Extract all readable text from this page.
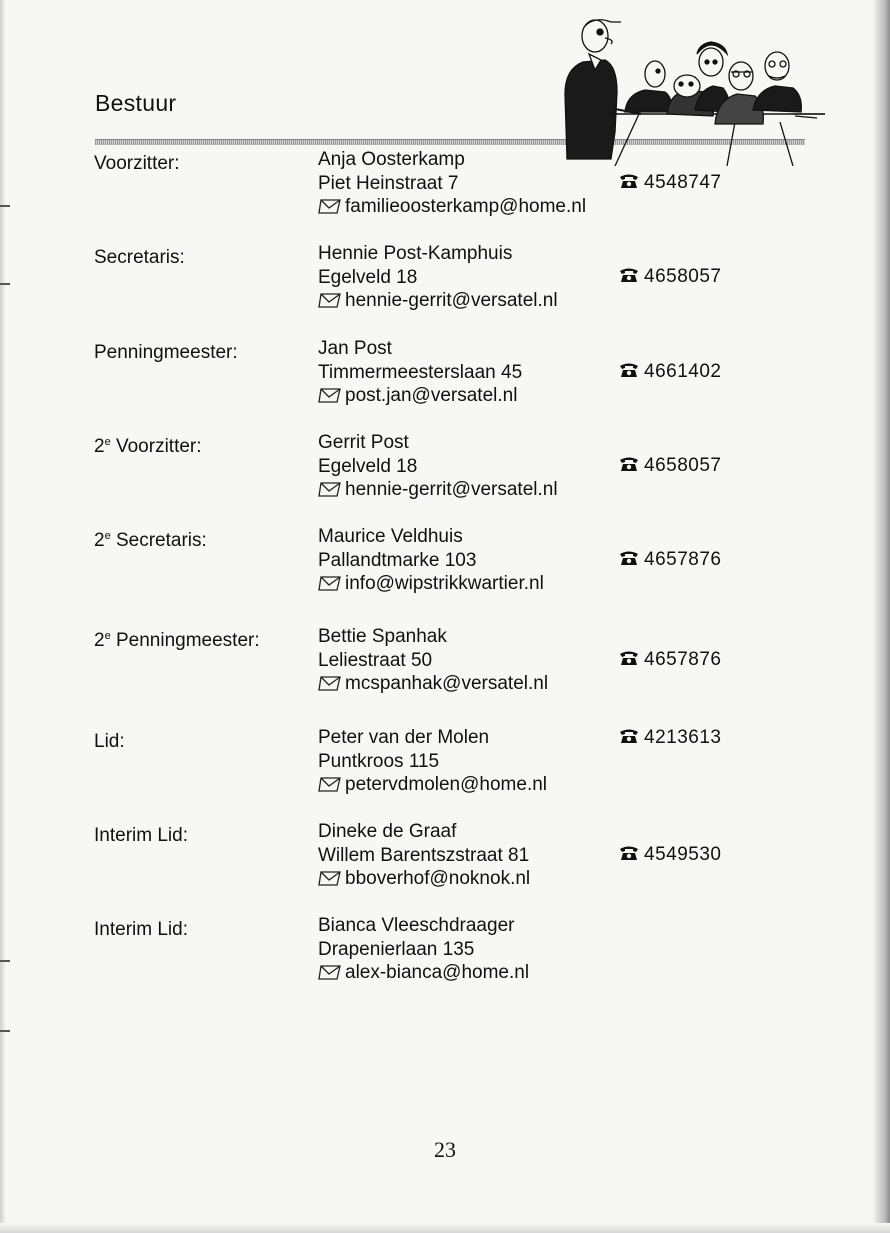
Bestuur
Voorzitter:	Anja Oosterkamp
Piet Heinstraat 7
familieoosterkamp@home.nl
4548747
Secretaris:	Hennie Post-Kamphuis
Egelveld 18
hennie-gerrit@versatel.nl
4658057
Penningmeester:	Jan Post
Timmermeesterslaan 45
post.jan@versatel.nl
4661402
2e Voorzitter:	Gerrit Post
Egelveld 18
hennie-gerrit@versatel.nl
4658057
2e Secretaris:	Maurice Veldhuis
Pallandtmarke 103
info@wipstrikkwartier.nl
4657876
2e Penningmeester:	Bettie Spanhak
Leliestraat 50
mcspanhak@versatel.nl
4657876
Lid:	Peter van der Molen
Puntkroos 115
petervdmolen@home.nl
4213613
Interim Lid:	Dineke de Graaf
Willem Barentszstraat 81
bboverhof@noknok.nl
4549530
Interim Lid:	Bianca Vleeschdraager
Drapenierlaan 135
alex-bianca@home.nl
23
